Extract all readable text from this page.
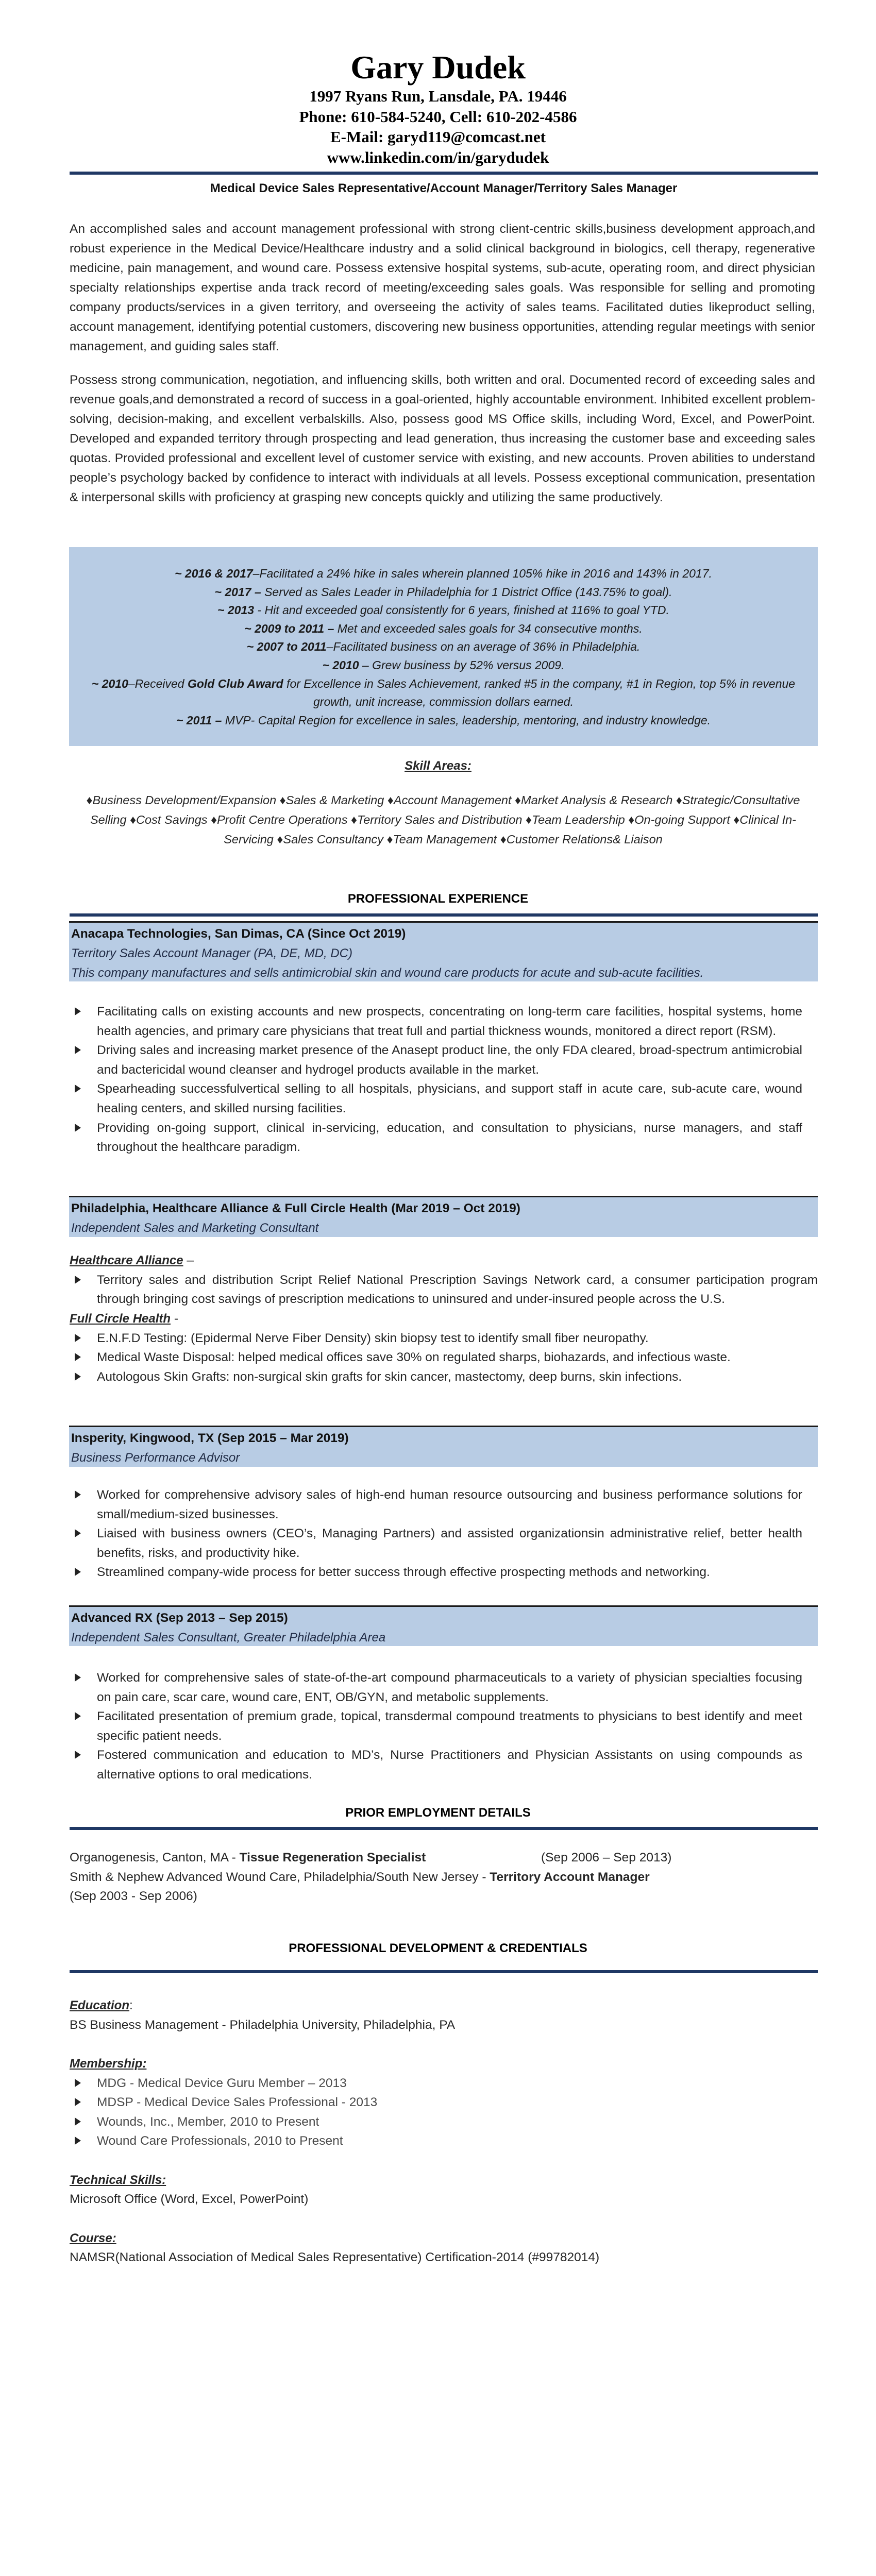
Gary Dudek
1997 Ryans Run, Lansdale, PA. 19446
Phone: 610-584-5240, Cell: 610-202-4586
E-Mail: garyd119@comcast.net
www.linkedin.com/in/garydudek
Medical Device Sales Representative/Account Manager/Territory Sales Manager
An accomplished sales and account management professional with strong client-centric skills,business development approach,and robust experience in the Medical Device/Healthcare industry and a solid clinical background in biologics, cell therapy, regenerative medicine, pain management, and wound care. Possess extensive hospital systems, sub-acute, operating room, and direct physician specialty relationships expertise anda track record of meeting/exceeding sales goals. Was responsible for selling and promoting company products/services in a given territory, and overseeing the activity of sales teams. Facilitated duties likeproduct selling, account management, identifying potential customers, discovering new business opportunities, attending regular meetings with senior management, and guiding sales staff.
Possess strong communication, negotiation, and influencing skills, both written and oral. Documented record of exceeding sales and revenue goals,and demonstrated a record of success in a goal-oriented, highly accountable environment. Inhibited excellent problem-solving, decision-making, and excellent verbalskills. Also, possess good MS Office skills, including Word, Excel, and PowerPoint. Developed and expanded territory through prospecting and lead generation, thus increasing the customer base and exceeding sales quotas. Provided professional and excellent level of customer service with existing, and new accounts. Proven abilities to understand people’s psychology backed by confidence to interact with individuals at all levels. Possess exceptional communication, presentation & interpersonal skills with proficiency at grasping new concepts quickly and utilizing the same productively.
~ 2016 & 2017–Facilitated a 24% hike in sales wherein planned 105% hike in 2016 and 143% in 2017.
~ 2017 – Served as Sales Leader in Philadelphia for 1 District Office (143.75% to goal).
~ 2013 - Hit and exceeded goal consistently for 6 years, finished at 116% to goal YTD.
~ 2009 to 2011 – Met and exceeded sales goals for 34 consecutive months.
~ 2007 to 2011–Facilitated business on an average of 36% in Philadelphia.
~ 2010 – Grew business by 52% versus 2009.
~ 2010–Received Gold Club Award for Excellence in Sales Achievement, ranked #5 in the company, #1 in Region, top 5% in revenue growth, unit increase, commission dollars earned.
~ 2011 – MVP- Capital Region for excellence in sales, leadership, mentoring, and industry knowledge.
Skill Areas:
♦Business Development/Expansion ♦Sales & Marketing ♦Account Management ♦Market Analysis & Research ♦Strategic/Consultative Selling ♦Cost Savings ♦Profit Centre Operations ♦Territory Sales and Distribution ♦Team Leadership ♦On-going Support ♦Clinical In-Servicing ♦Sales Consultancy ♦Team Management ♦Customer Relations& Liaison
PROFESSIONAL EXPERIENCE
Anacapa Technologies, San Dimas, CA (Since Oct 2019)
Territory Sales Account Manager (PA, DE, MD, DC)
This company manufactures and sells antimicrobial skin and wound care products for acute and sub-acute facilities.
Facilitating calls on existing accounts and new prospects, concentrating on long-term care facilities, hospital systems, home health agencies, and primary care physicians that treat full and partial thickness wounds, monitored a direct report (RSM).
Driving sales and increasing market presence of the Anasept product line, the only FDA cleared, broad-spectrum antimicrobial and bactericidal wound cleanser and hydrogel products available in the market.
Spearheading successfulvertical selling to all hospitals, physicians, and support staff in acute care, sub-acute care, wound healing centers, and skilled nursing facilities.
Providing on-going support, clinical in-servicing, education, and consultation to physicians, nurse managers, and staff throughout the healthcare paradigm.
Philadelphia, Healthcare Alliance & Full Circle Health (Mar 2019 – Oct 2019)
Independent Sales and Marketing Consultant
Healthcare Alliance –
Territory sales and distribution Script Relief National Prescription Savings Network card, a consumer participation program through bringing cost savings of prescription medications to uninsured and under-insured people across the U.S.
Full Circle Health -
E.N.F.D Testing: (Epidermal Nerve Fiber Density) skin biopsy test to identify small fiber neuropathy.
Medical Waste Disposal: helped medical offices save 30% on regulated sharps, biohazards, and infectious waste.
Autologous Skin Grafts: non-surgical skin grafts for skin cancer, mastectomy, deep burns, skin infections.
Insperity, Kingwood, TX (Sep 2015 – Mar 2019)
Business Performance Advisor
Worked for comprehensive advisory sales of high-end human resource outsourcing and business performance solutions for small/medium-sized businesses.
Liaised with business owners (CEO’s, Managing Partners) and assisted organizationsin administrative relief, better health benefits, risks, and productivity hike.
Streamlined company-wide process for better success through effective prospecting methods and networking.
Advanced RX (Sep 2013 – Sep 2015)
Independent Sales Consultant, Greater Philadelphia Area
Worked for comprehensive sales of state-of-the-art compound pharmaceuticals to a variety of physician specialties focusing on pain care, scar care, wound care, ENT, OB/GYN, and metabolic supplements.
Facilitated presentation of premium grade, topical, transdermal compound treatments to physicians to best identify and meet specific patient needs.
Fostered communication and education to MD’s, Nurse Practitioners and Physician Assistants on using compounds as alternative options to oral medications.
PRIOR EMPLOYMENT DETAILS
Organogenesis, Canton, MA - Tissue Regeneration Specialist	(Sep 2006 – Sep 2013)
Smith & Nephew Advanced Wound Care, Philadelphia/South New Jersey - Territory Account Manager
(Sep 2003 - Sep 2006)
PROFESSIONAL DEVELOPMENT & CREDENTIALS
Education:
BS Business Management - Philadelphia University, Philadelphia, PA
Membership:
MDG - Medical Device Guru Member – 2013
MDSP - Medical Device Sales Professional - 2013
Wounds, Inc., Member, 2010 to Present
Wound Care Professionals, 2010 to Present
Technical Skills:
Microsoft Office (Word, Excel, PowerPoint)
Course:
NAMSR(National Association of Medical Sales Representative) Certification-2014 (#99782014)
